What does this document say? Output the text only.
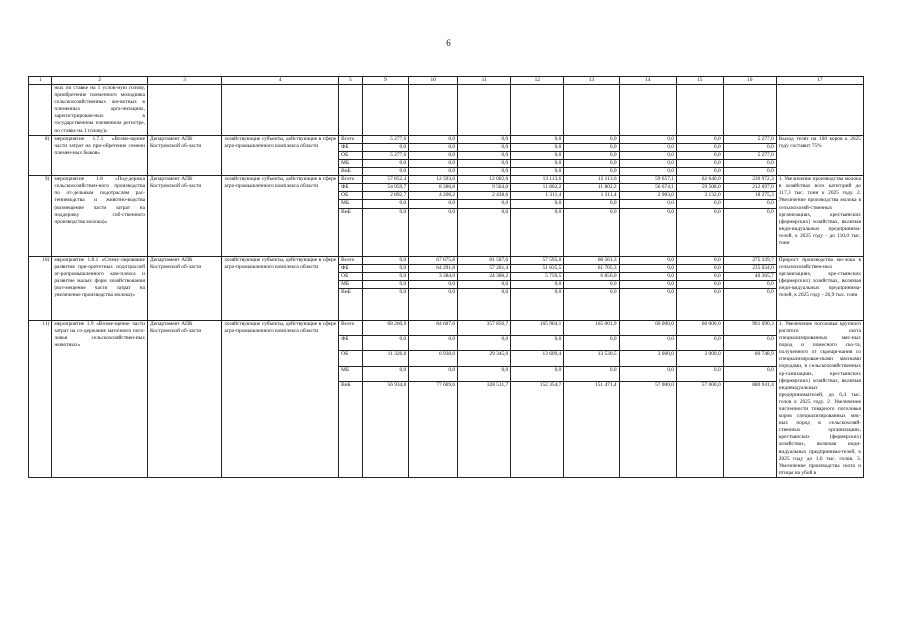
6
1	2	3	4	5	9	10	11	12	13	14	15	16	17
	ных по ставке на 1 услов-ную голову, приобретение племенного молодняка сельскохозяйственных жи-вотных в племенных орга-низациях, зарегистрирован-ных в государственном племенном регистре, по ставке на 1 голову)»												
8)	мероприятие 1.7.1 «Возме-щение части затрат на при-обретение семени племен-ных быков»	Департамент АПК Костромской об-ласти	хозяйствующие субъекты, действующие в сфере агро-промышленного комплекса области	Всего	5 277,0	0,0	0,0	0,0	0,0	0,0	0,0	5 277,0	Выход телят на 100 коров к 2025 году составит 75%
				ФБ	0,0	0,0	0,0	0,0	0,0	0,0	0,0	0,0	
				ОБ	5 277,0	0,0	0,0	0,0	0,0	0,0	0,0	5 277,0	
				МБ	0,0	0,0	0,0	0,0	0,0	0,0	0,0	0,0	
				ВнБ	0,0	0,0	0,0	0,0	0,0	0,0	0,0	0,0	
9)	мероприятие 1.8 «Под-держка сельскохозяйствен-ного производства по от-дельным подотраслям рас-тениеводства и животно-водства (возмещение части затрат на поддержку соб-ственного производства молока)»	Департамент АПК Костромской об-ласти	хозяйствующие субъекты, действующие в сфере агро-промышленного комплекса области	Всего	57 852,4	12 593,0	12 002,6	13 113,6	13 113,6	59 657,1	62 640,0	230 972,3	1. Увеличение производства молока в хозяйствах всех категорий до 117,3 тыс. тонн к 2025 году. 2. Увеличение производства молока в сельскохозяй-ственных организациях, крестьянских (фермерских) хозяйствах, включая инди-видуальных предпринима-телей, к 2025 году - до 110,0 тыс. тонн
				ФБ	54 959,7	8 386,8	9 564,0	11 802,2	11 802,2	56 674,1	59 508,0	212 697,0	
				ОБ	2 892,7	4 206,2	2 438,6	1 311,4	1 311,4	2 983,0	3 132,0	18 275,3	
				МБ	0,0	0,0	0,0	0,0	0,0	0,0	0,0	0,0	
				ВнБ	0,0	0,0	0,0	0,0	0,0	0,0	0,0	0,0	
10)	мероприятие 1.8.1 «Стиму-лирование развития при-оритетных подотраслей аг-ропромышленного ком-плекса и развитие малых форм хозяйствования (воз-мещение части затрат на увеличение производства молока)»	Департамент АПК Костромской об-ласти	хозяйствующие субъекты, действующие в сфере агро-промышленного комплекса области	Всего	0,0	67 675,8	81 507,6	57 595,0	68 561,3	0,0	0,0	275 339,7	Прирост производства мо-лока в сельскохозяйствен-ных организациях, кре-стьянских (фермерских) хозяйствах, включая инди-видуальных предпринима-телей, к 2025 году - 26,9 тыс. тонн
				ФБ	0,0	64 291,8	57 201,4	51 835,5	61 705,3	0,0	0,0	235 034,0	
				ОБ	0,0	3 384,0	24 306,2	5 759,5	6 856,0	0,0	0,0	40 305,7	
				МБ	0,0	0,0	0,0	0,0	0,0	0,0	0,0	0,0	
				ВнБ	0,0	0,0	0,0	0,0	0,0	0,0	0,0	0,0	
11)	мероприятие 1.9 «Возме-щение части затрат на со-держание маточного пого-ловья сельскохозяйствен-ных животных»	Департамент АПК Костромской об-ласти	хозяйствующие субъекты, действующие в сфере агро-промышленного комплекса области	Всего	68 260,0	84 607,6	357 856,7	165 964,1	165 001,9	60 000,0	60 000,0	961 690,3	1. Увеличение поголовья крупного рогатого скота специализированных мяс-ных пород и помесного ско-та, полученного от скрещи-вания со специализирован-ными мясными породами, в сельскохозяйственных ор-ганизациях, крестьянских (фермерских) хозяйствах, включая индивидуальных предпринимателей, до 6,4 тыс. голов к 2025 году. 2. Увеличение численности товарного поголовья коров специализированных мяс-ных пород в сельскохозяй-ственных организациях, крестьянских (фермерских) хозяйствах, включая инди-видуальных предпринима-телей, к 2025 году до 1,6 тыс. голов. 3. Увеличение производства скота и птицы на убой в
				ФБ	0,0	0,0	0,0	0,0	0,0	0,0	0,0	0,0	
				ОБ	11 326,0	6 938,0	29 345,0	13 609,4	13 530,5	3 000,0	3 000,0	80 748,9	
				МБ	0,0	0,0	0,0	0,0	0,0	0,0	0,0	0,0	
				ВнБ	56 934,0	77 669,6	328 511,7	152 354,7	151 471,4	57 000,0	57 000,0	880 941,4	
